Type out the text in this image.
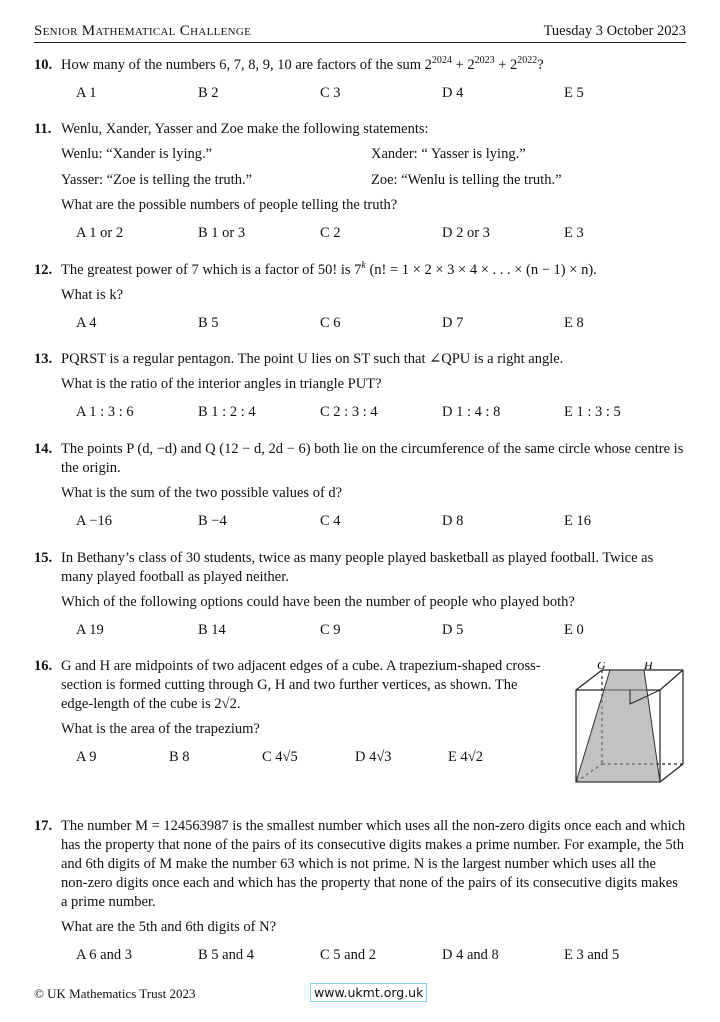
Senior Mathematical Challenge	Tuesday 3 October 2023
10. How many of the numbers 6, 7, 8, 9, 10 are factors of the sum $2^{2024} + 2^{2023} + 2^{2022}$?

A 1	B 2	C 3	D 4	E 5
11. Wenlu, Xander, Yasser and Zoe make the following statements:

Wenlu: “Xander is lying.”	Xander: “ Yasser is lying.”
Yasser: “Zoe is telling the truth.”	Zoe: “Wenlu is telling the truth.”

What are the possible numbers of people telling the truth?

A 1 or 2	B 1 or 3	C 2	D 2 or 3	E 3
12. The greatest power of 7 which is a factor of 50! is 7$^k$ (n! = 1 × 2 × 3 × 4 × . . . × (n − 1) × n).

What is k?

A 4	B 5	C 6	D 7	E 8
13. PQRST is a regular pentagon. The point U lies on ST such that ∠QPU is a right angle.

What is the ratio of the interior angles in triangle PUT?

A 1 : 3 : 6	B 1 : 2 : 4	C 2 : 3 : 4	D 1 : 4 : 8	E 1 : 3 : 5
14. The points P (d, −d) and Q (12 − d, 2d − 6) both lie on the circumference of the same circle whose centre is the origin.

What is the sum of the two possible values of d?

A −16	B −4	C 4	D 8	E 16
15. In Bethany’s class of 30 students, twice as many people played basketball as played football. Twice as many played football as played neither.

Which of the following options could have been the number of people who played both?

A 19	B 14	C 9	D 5	E 0
16. G and H are midpoints of two adjacent edges of a cube. A trapezium-shaped cross-section is formed cutting through G, H and two further vertices, as shown. The edge-length of the cube is 2√2.

What is the area of the trapezium?

A 9	B 8	C 4√5	D 4√3	E 4√2
G	H
17. The number M = 124563987 is the smallest number which uses all the non-zero digits once each and which has the property that none of the pairs of its consecutive digits makes a prime number. For example, the 5th and 6th digits of M make the number 63 which is not prime. N is the largest number which uses all the non-zero digits once each and which has the property that none of the pairs of its consecutive digits makes a prime number.

What are the 5th and 6th digits of N?

A 6 and 3	B 5 and 4	C 5 and 2	D 4 and 8	E 3 and 5
© UK Mathematics Trust 2023	www.ukmt.org.uk
